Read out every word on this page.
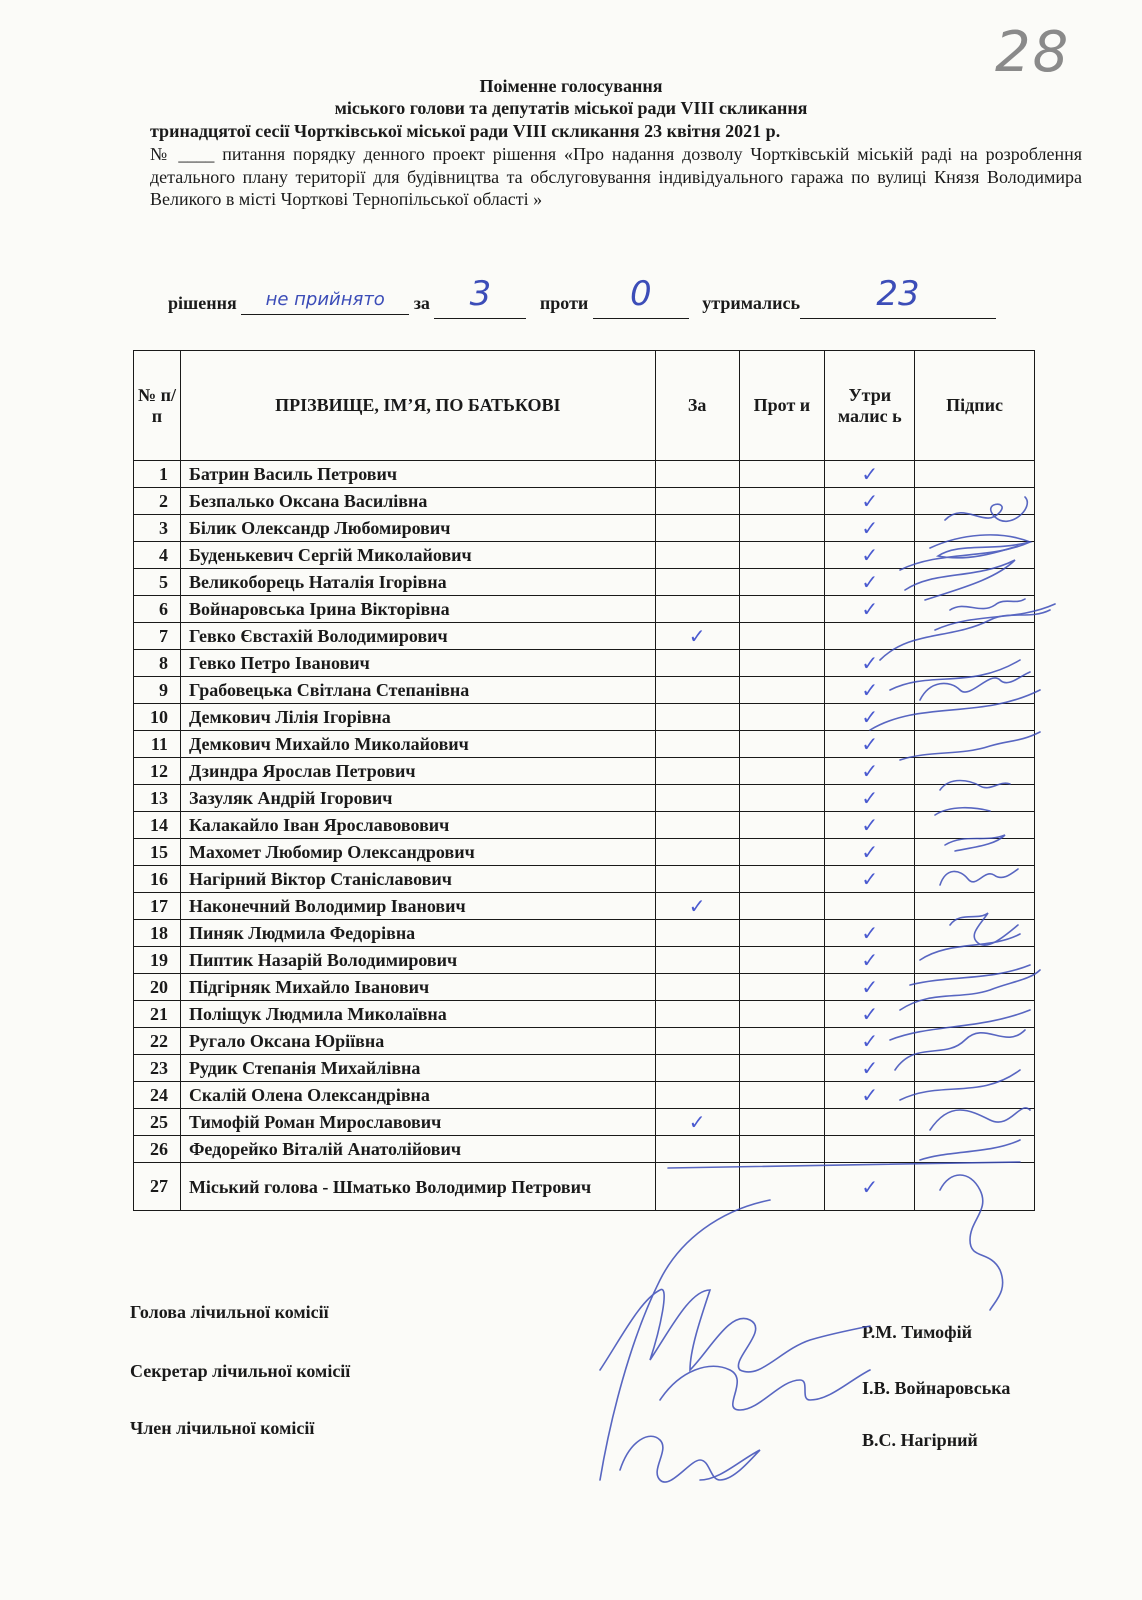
28
Поіменне голосування
міського голови та депутатів міської ради VIII скликання
тринадцятої сесії Чортківської міської ради VIII скликання 23 квітня 2021 р.
№ ____ питання порядку денного проект рішення «Про надання дозволу Чортківській міській раді на розроблення детального плану території для будівництва та обслуговування індивідуального гаража по вулиці Князя Володимира Великого в місті Чорткові Тернопільської області »
рішення не прийнято за 3	проти 0	утримались 23
№ п/п	ПРІЗВИЩЕ, ІМ’Я, ПО БАТЬКОВІ	За	Прот и	Утри малис ь	Підпис
1	Батрин Василь Петрович			✓	
2	Безпалько Оксана Василівна			✓	
3	Білик Олександр Любомирович			✓	
4	Буденькевич Сергій Миколайович			✓	
5	Великоборець Наталія Ігорівна			✓	
6	Войнаровська Ірина Вікторівна			✓	
7	Гевко Євстахій Володимирович	✓			
8	Гевко Петро Іванович			✓	
9	Грабовецька Світлана Степанівна			✓	
10	Демкович Лілія Ігорівна			✓	
11	Демкович Михайло Миколайович			✓	
12	Дзиндра Ярослав Петрович			✓	
13	Зазуляк Андрій Ігорович			✓	
14	Калакайло Іван Ярославовович			✓	
15	Махомет Любомир Олександрович			✓	
16	Нагірний Віктор Станіславович			✓	
17	Наконечний Володимир Іванович	✓			
18	Пиняк Людмила Федорівна			✓	
19	Пиптик Назарій Володимирович			✓	
20	Підгірняк Михайло Іванович			✓	
21	Поліщук Людмила Миколаївна			✓	
22	Ругало Оксана Юріївна			✓	
23	Рудик Степанія Михайлівна			✓	
24	Скалій Олена Олександрівна			✓	
25	Тимофій Роман Мирославович	✓			
26	Федорейко Віталій Анатолійович				
27	Міський голова - Шматько Володимир Петрович			✓	
Голова лічильної комісії
Секретар лічильної комісії
Член лічильної комісії
Р.М. Тимофій
І.В. Войнаровська
В.С. Нагірний
